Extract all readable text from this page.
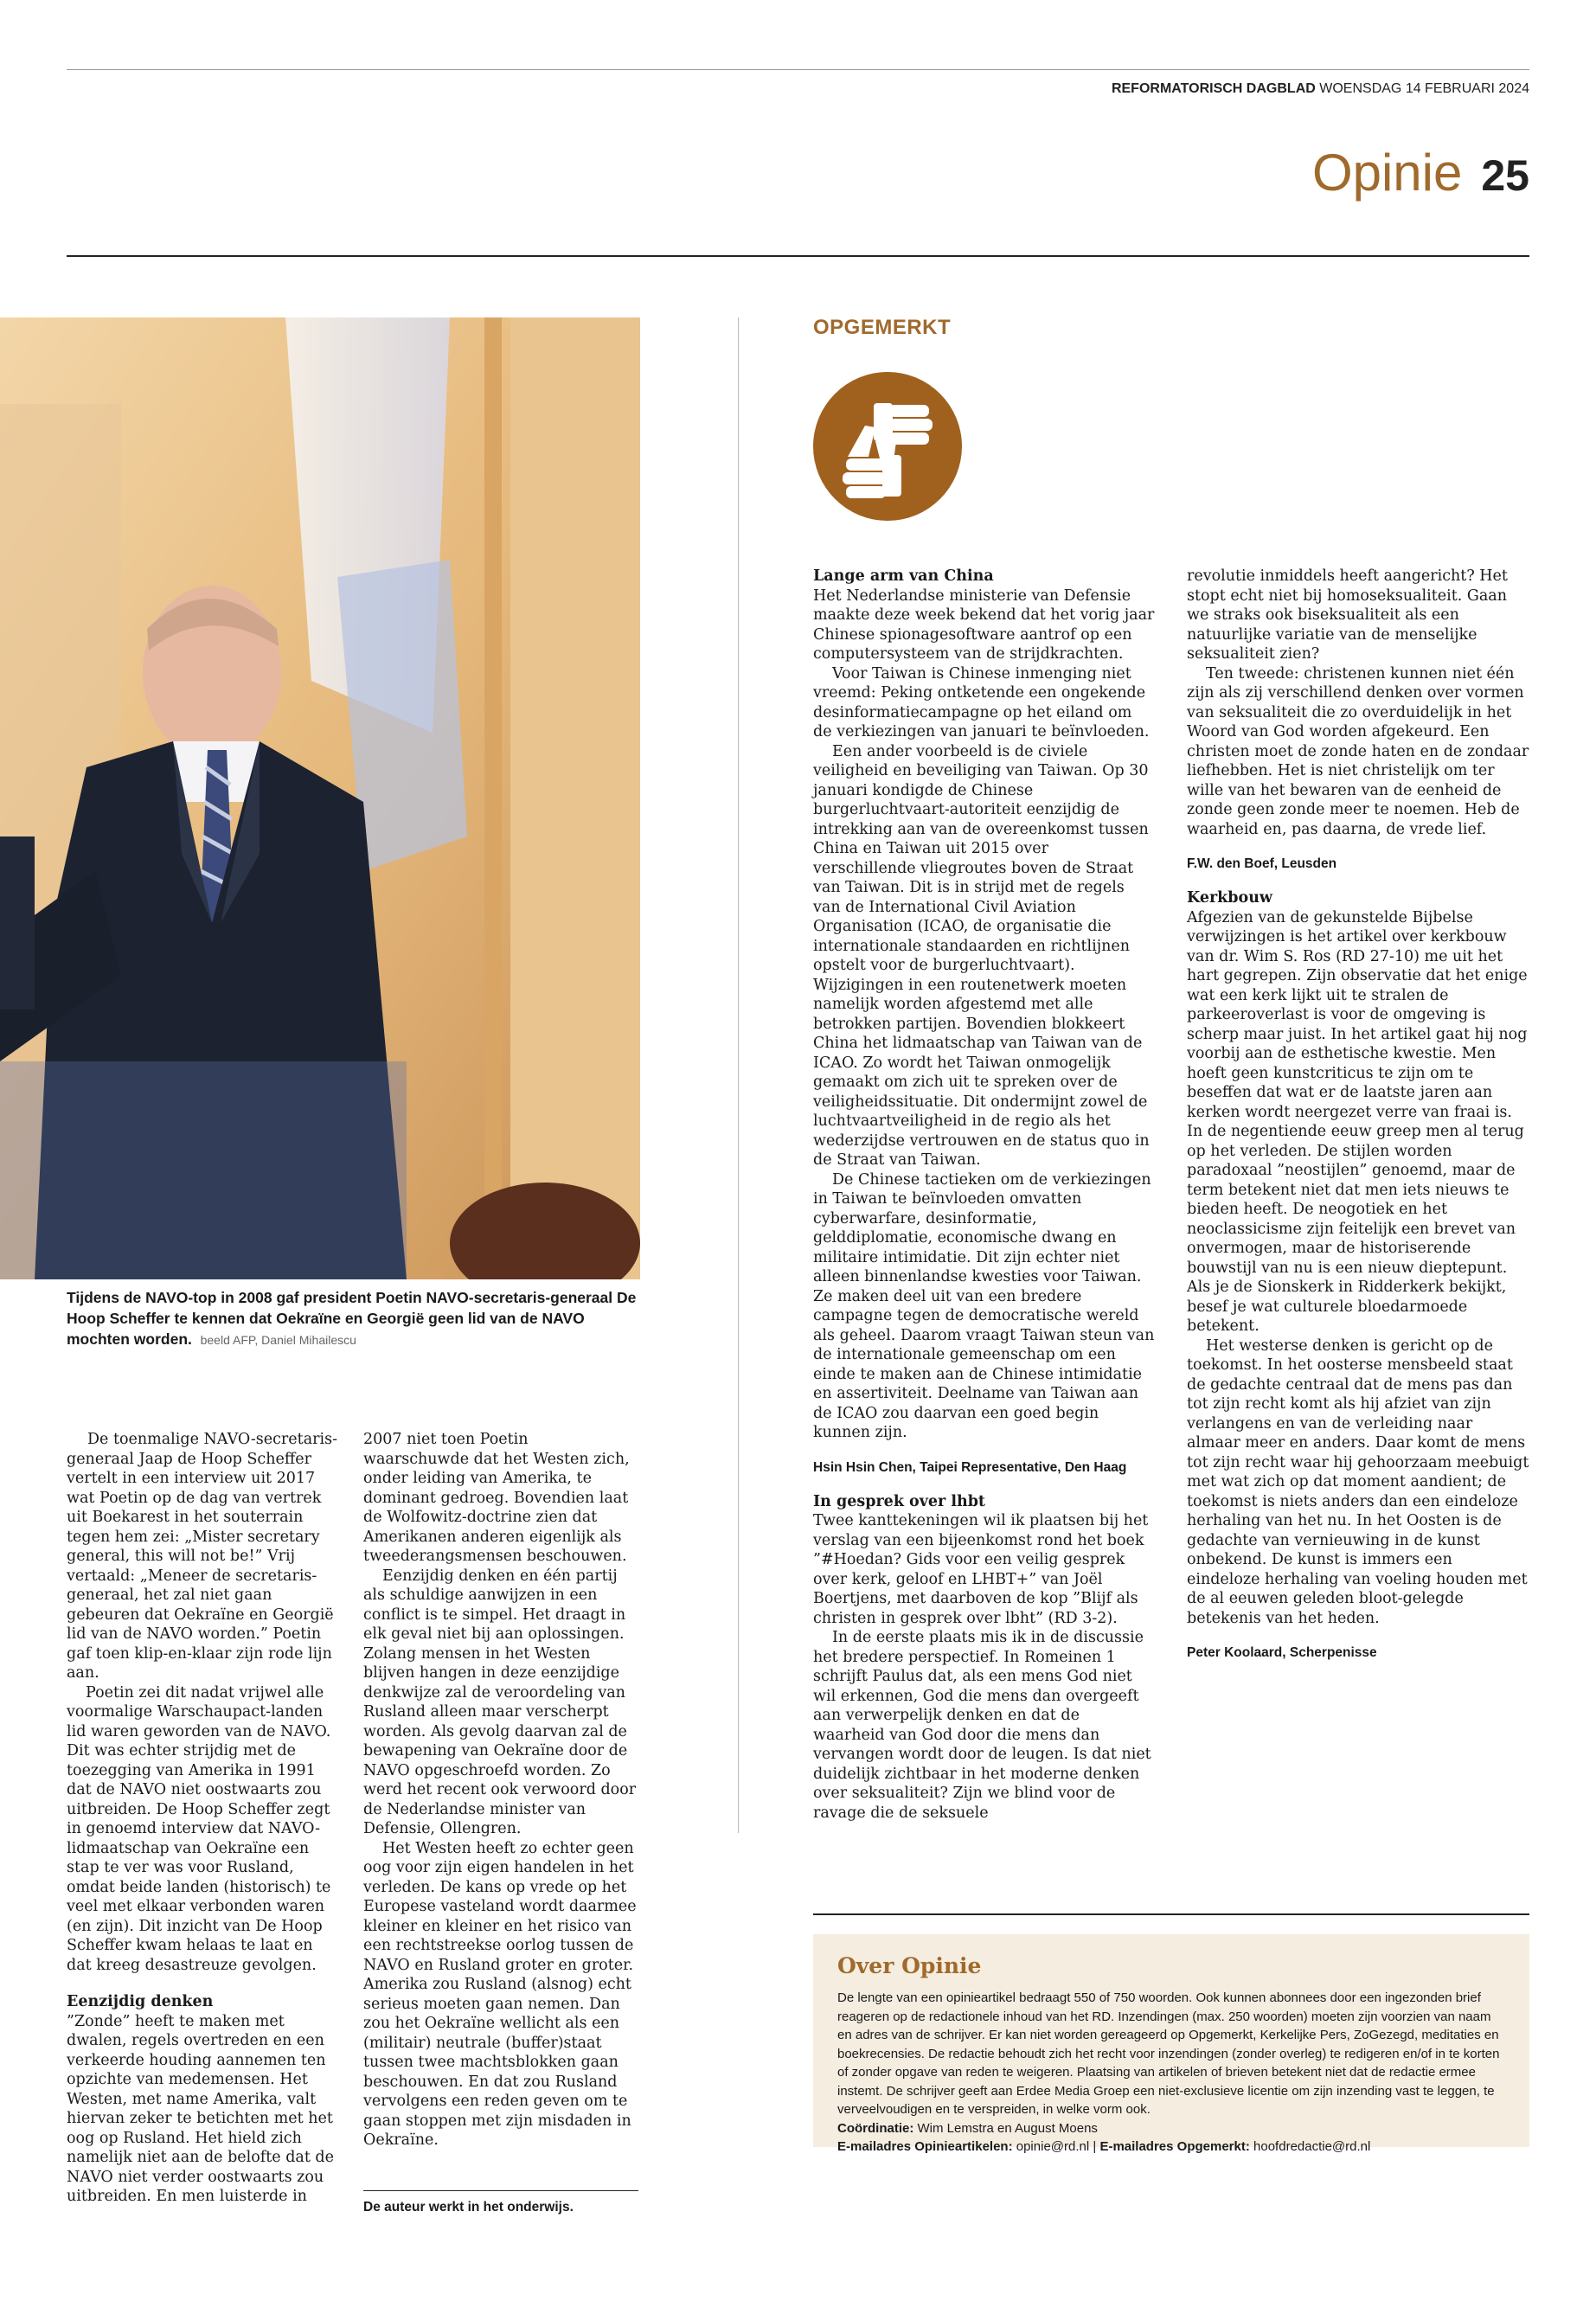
REFORMATORISCH DAGBLAD WOENSDAG 14 FEBRUARI 2024
Opinie 25
Tijdens de NAVO-top in 2008 gaf president Poetin NAVO-secretaris-generaal De Hoop Scheffer te kennen dat Oekraïne en Georgië geen lid van de NAVO mochten worden. beeld AFP, Daniel Mihailescu

De toenmalige NAVO-secretaris-generaal Jaap de Hoop Scheffer vertelt in een interview uit 2017 wat Poetin op de dag van vertrek uit Boekarest in het souterrain tegen hem zei: „Mister secretary general, this will not be!” Vrij vertaald: „Meneer de secretaris-generaal, het zal niet gaan gebeuren dat Oekraïne en Georgië lid van de NAVO worden.” Poetin gaf toen klip-en-klaar zijn rode lijn aan.

Poetin zei dit nadat vrijwel alle voormalige Warschaupact-landen lid waren geworden van de NAVO. Dit was echter strijdig met de toezegging van Amerika in 1991 dat de NAVO niet oostwaarts zou uitbreiden. De Hoop Scheffer zegt in genoemd interview dat NAVO-lidmaatschap van Oekraïne een stap te ver was voor Rusland, omdat beide landen (historisch) te veel met elkaar verbonden waren (en zijn). Dit inzicht van De Hoop Scheffer kwam helaas te laat en dat kreeg desastreuze gevolgen.

Eenzijdig denken

”Zonde” heeft te maken met dwalen, regels overtreden en een verkeerde houding aannemen ten opzichte van medemensen. Het Westen, met name Amerika, valt hiervan zeker te betichten met het oog op Rusland. Het hield zich namelijk niet aan de belofte dat de NAVO niet verder oostwaarts zou uitbreiden. En men luisterde in

2007 niet toen Poetin waarschuwde dat het Westen zich, onder leiding van Amerika, te dominant gedroeg. Bovendien laat de Wolfowitz-doctrine zien dat Amerikanen anderen eigenlijk als tweederangsmensen beschouwen.

Eenzijdig denken en één partij als schuldige aanwijzen in een conflict is te simpel. Het draagt in elk geval niet bij aan oplossingen. Zolang mensen in het Westen blijven hangen in deze eenzijdige denkwijze zal de veroordeling van Rusland alleen maar verscherpt worden. Als gevolg daarvan zal de bewapening van Oekraïne door de NAVO opgeschroefd worden. Zo werd het recent ook verwoord door de Nederlandse minister van Defensie, Ollengren.

Het Westen heeft zo echter geen oog voor zijn eigen handelen in het verleden. De kans op vrede op het Europese vasteland wordt daarmee kleiner en kleiner en het risico van een rechtstreekse oorlog tussen de NAVO en Rusland groter en groter. Amerika zou Rusland (alsnog) echt serieus moeten gaan nemen. Dan zou het Oekraïne wellicht als een (militair) neutrale (buffer)staat tussen twee machtsblokken gaan beschouwen. En dat zou Rusland vervolgens een reden geven om te gaan stoppen met zijn misdaden in Oekraïne.

De auteur werkt in het onderwijs.
OPGEMERKT
Lange arm van China

Het Nederlandse ministerie van Defensie maakte deze week bekend dat het vorig jaar Chinese spionagesoftware aantrof op een computersysteem van de strijdkrachten.

Voor Taiwan is Chinese inmenging niet vreemd: Peking ontketende een ongekende desinformatiecampagne op het eiland om de verkiezingen van januari te beïnvloeden.

Een ander voorbeeld is de civiele veiligheid en beveiliging van Taiwan. Op 30 januari kondigde de Chinese burgerluchtvaart-autoriteit eenzijdig de intrekking aan van de overeenkomst tussen China en Taiwan uit 2015 over verschillende vliegroutes boven de Straat van Taiwan. Dit is in strijd met de regels van de International Civil Aviation Organisation (ICAO, de organisatie die internationale standaarden en richtlijnen opstelt voor de burgerluchtvaart). Wijzigingen in een routenetwerk moeten namelijk worden afgestemd met alle betrokken partijen. Bovendien blokkeert China het lidmaatschap van Taiwan van de ICAO. Zo wordt het Taiwan onmogelijk gemaakt om zich uit te spreken over de veiligheidssituatie. Dit ondermijnt zowel de luchtvaartveiligheid in de regio als het wederzijdse vertrouwen en de status quo in de Straat van Taiwan.

De Chinese tactieken om de verkiezingen in Taiwan te beïnvloeden omvatten cyberwarfare, desinformatie, gelddiplomatie, economische dwang en militaire intimidatie. Dit zijn echter niet alleen binnenlandse kwesties voor Taiwan. Ze maken deel uit van een bredere campagne tegen de democratische wereld als geheel. Daarom vraagt Taiwan steun van de internationale gemeenschap om een einde te maken aan de Chinese intimidatie en assertiviteit. Deelname van Taiwan aan de ICAO zou daarvan een goed begin kunnen zijn.

Hsin Hsin Chen, Taipei Representative, Den Haag
In gesprek over lhbt

Twee kanttekeningen wil ik plaatsen bij het verslag van een bijeenkomst rond het boek ”#Hoedan? Gids voor een veilig gesprek over kerk, geloof en LHBT+” van Joël Boertjens, met daarboven de kop ”Blijf als christen in gesprek over lbht” (RD 3-2).

In de eerste plaats mis ik in de discussie het bredere perspectief. In Romeinen 1 schrijft Paulus dat, als een mens God niet wil erkennen, God die mens dan overgeeft aan verwerpelijk denken en dat de waarheid van God door die mens dan vervangen wordt door de leugen. Is dat niet duidelijk zichtbaar in het moderne denken over seksualiteit? Zijn we blind voor de ravage die de seksuele

revolutie inmiddels heeft aangericht? Het stopt echt niet bij homoseksualiteit. Gaan we straks ook biseksualiteit als een natuurlijke variatie van de menselijke seksualiteit zien?

Ten tweede: christenen kunnen niet één zijn als zij verschillend denken over vormen van seksualiteit die zo overduidelijk in het Woord van God worden afgekeurd. Een christen moet de zonde haten en de zondaar liefhebben. Het is niet christelijk om ter wille van het bewaren van de eenheid de zonde geen zonde meer te noemen. Heb de waarheid en, pas daarna, de vrede lief.

F.W. den Boef, Leusden
Kerkbouw

Afgezien van de gekunstelde Bijbelse verwijzingen is het artikel over kerkbouw van dr. Wim S. Ros (RD 27-10) me uit het hart gegrepen. Zijn observatie dat het enige wat een kerk lijkt uit te stralen de parkeeroverlast is voor de omgeving is scherp maar juist. In het artikel gaat hij nog voorbij aan de esthetische kwestie. Men hoeft geen kunstcriticus te zijn om te beseffen dat wat er de laatste jaren aan kerken wordt neergezet verre van fraai is. In de negentiende eeuw greep men al terug op het verleden. De stijlen worden paradoxaal ”neostijlen” genoemd, maar de term betekent niet dat men iets nieuws te bieden heeft. De neogotiek en het neoclassicisme zijn feitelijk een brevet van onvermogen, maar de historiserende bouwstijl van nu is een nieuw dieptepunt. Als je de Sionskerk in Ridderkerk bekijkt, besef je wat culturele bloedarmoede betekent.

Het westerse denken is gericht op de toekomst. In het oosterse mensbeeld staat de gedachte centraal dat de mens pas dan tot zijn recht komt als hij afziet van zijn verlangens en van de verleiding naar almaar meer en anders. Daar komt de mens tot zijn recht waar hij gehoorzaam meebuigt met wat zich op dat moment aandient; de toekomst is niets anders dan een eindeloze herhaling van het nu. In het Oosten is de gedachte van vernieuwing in de kunst onbekend. De kunst is immers een eindeloze herhaling van voeling houden met de al eeuwen geleden bloot-gelegde betekenis van het heden.

Peter Koolaard, Scherpenisse
Over Opinie
De lengte van een opinieartikel bedraagt 550 of 750 woorden. Ook kunnen abonnees door een ingezonden brief reageren op de redactionele inhoud van het RD. Inzendingen (max. 250 woorden) moeten zijn voorzien van naam en adres van de schrijver. Er kan niet worden gereageerd op Opgemerkt, Kerkelijke Pers, ZoGezegd, meditaties en boekrecensies. De redactie behoudt zich het recht voor inzendingen (zonder overleg) te redigeren en/of in te korten of zonder opgave van reden te weigeren. Plaatsing van artikelen of brieven betekent niet dat de redactie ermee instemt. De schrijver geeft aan Erdee Media Groep een niet-exclusieve licentie om zijn inzending vast te leggen, te verveelvoudigen en te verspreiden, in welke vorm ook.
Coördinatie: Wim Lemstra en August Moens
E-mailadres Opinieartikelen: opinie@rd.nl | E-mailadres Opgemerkt: hoofdredactie@rd.nl
